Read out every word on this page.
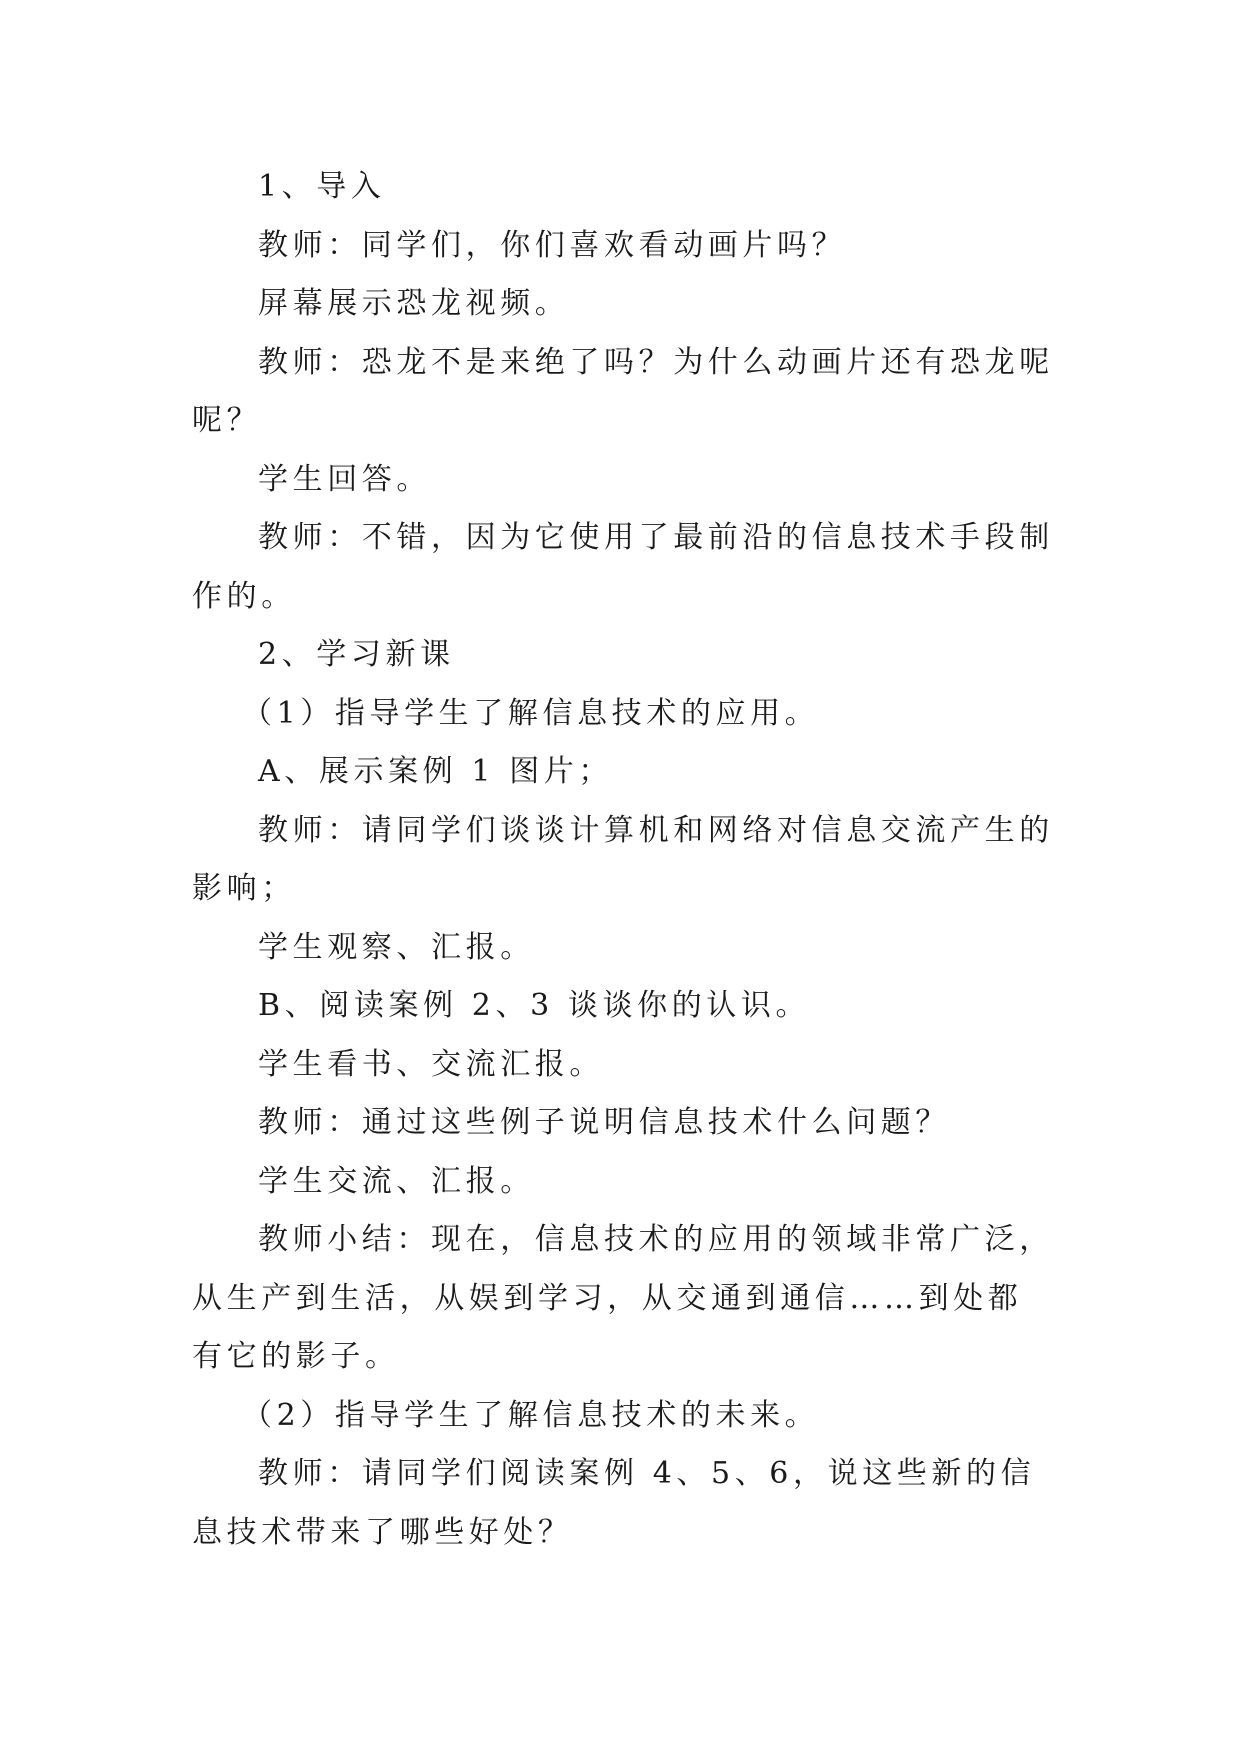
1、导入

教师：同学们，你们喜欢看动画片吗？

屏幕展示恐龙视频。

教师：恐龙不是来绝了吗？为什么动画片还有恐龙呢呢？

学生回答。

教师：不错，因为它使用了最前沿的信息技术手段制作的。

2、学习新课

（1）指导学生了解信息技术的应用。

A、展示案例 1 图片；

教师：请同学们谈谈计算机和网络对信息交流产生的影响；

学生观察、汇报。

B、阅读案例 2、3 谈谈你的认识。

学生看书、交流汇报。

教师：通过这些例子说明信息技术什么问题？

学生交流、汇报。

教师小结：现在，信息技术的应用的领域非常广泛，从生产到生活，从娱到学习，从交通到通信……到处都有它的影子。

（2）指导学生了解信息技术的未来。

教师：请同学们阅读案例 4、5、6，说这些新的信息技术带来了哪些好处？
